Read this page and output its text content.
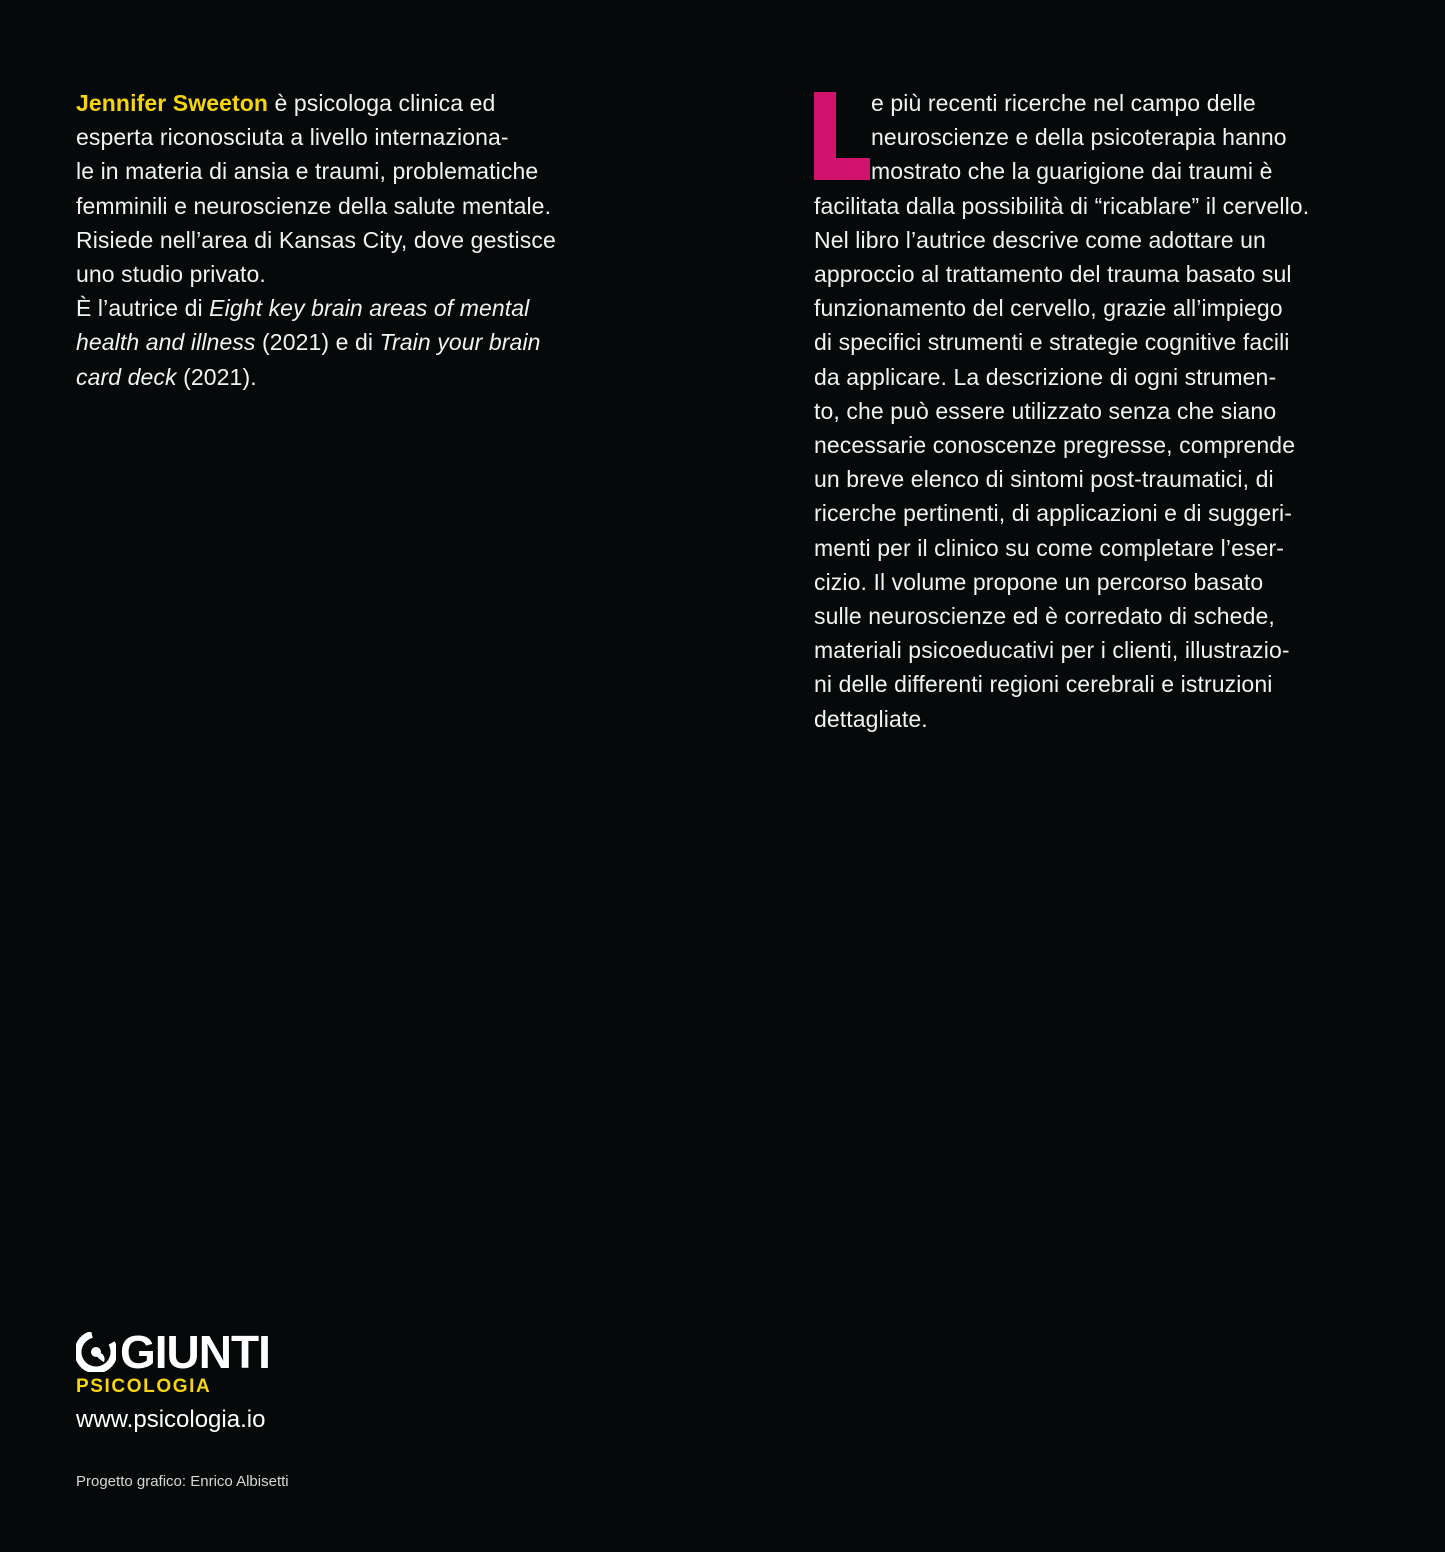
Jennifer Sweeton è psicologa clinica ed
esperta riconosciuta a livello internaziona-
le in materia di ansia e traumi, problematiche
femminili e neuroscienze della salute mentale.
Risiede nell’area di Kansas City, dove gestisce
uno studio privato.
È l’autrice di Eight key brain areas of mental
health and illness (2021) e di Train your brain
card deck (2021).
e più recenti ricerche nel campo delle
neuroscienze e della psicoterapia hanno
mostrato che la guarigione dai traumi è
facilitata dalla possibilità di “ricablare” il cervello.
Nel libro l’autrice descrive come adottare un
approccio al trattamento del trauma basato sul
funzionamento del cervello, grazie all’impiego
di specifici strumenti e strategie cognitive facili
da applicare. La descrizione di ogni strumen-
to, che può essere utilizzato senza che siano
necessarie conoscenze pregresse, comprende
un breve elenco di sintomi post-traumatici, di
ricerche pertinenti, di applicazioni e di suggeri-
menti per il clinico su come completare l’eser-
cizio. Il volume propone un percorso basato
sulle neuroscienze ed è corredato di schede,
materiali psicoeducativi per i clienti, illustrazio-
ni delle differenti regioni cerebrali e istruzioni
dettagliate.
GIUNTI
PSICOLOGIA
www.psicologia.io
Progetto grafico: Enrico Albisetti
